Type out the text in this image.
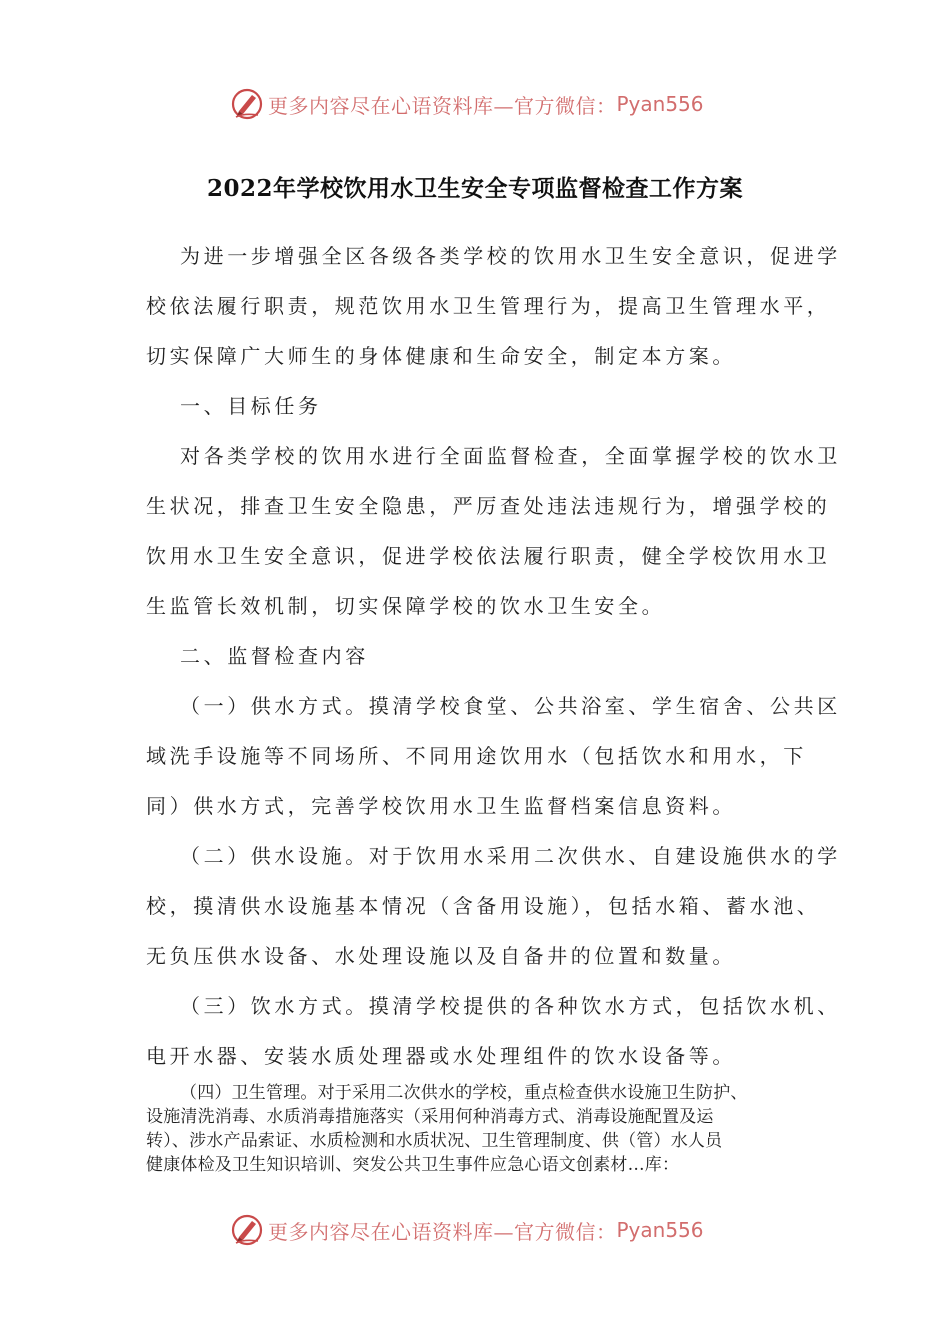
更多内容尽在心语资料库—官方微信： Pyan556
2022年学校饮用水卫生安全专项监督检查工作方案
为进一步增强全区各级各类学校的饮用水卫生安全意识，促进学
校依法履行职责，规范饮用水卫生管理行为，提高卫生管理水平，
切实保障广大师生的身体健康和生命安全，制定本方案。
一、目标任务
对各类学校的饮用水进行全面监督检查，全面掌握学校的饮水卫
生状况，排查卫生安全隐患，严厉查处违法违规行为，增强学校的
饮用水卫生安全意识，促进学校依法履行职责，健全学校饮用水卫
生监管长效机制，切实保障学校的饮水卫生安全。
二、监督检查内容
（一）供水方式。摸清学校食堂、公共浴室、学生宿舍、公共区
域洗手设施等不同场所、不同用途饮用水（包括饮水和用水，下
同）供水方式，完善学校饮用水卫生监督档案信息资料。
（二）供水设施。对于饮用水采用二次供水、自建设施供水的学
校，摸清供水设施基本情况（含备用设施），包括水箱、蓄水池、
无负压供水设备、水处理设施以及自备井的位置和数量。
（三）饮水方式。摸清学校提供的各种饮水方式，包括饮水机、
电开水器、安装水质处理器或水处理组件的饮水设备等。
（四）卫生管理。对于采用二次供水的学校，重点检查供水设施卫生防护、
设施清洗消毒、水质消毒措施落实（采用何种消毒方式、消毒设施配置及运
转）、涉水产品索证、水质检测和水质状况、卫生管理制度、供（管）水人员
健康体检及卫生知识培训、突发公共卫生事件应急心语文创素材…库：
更多内容尽在心语资料库—官方微信： Pyan556
